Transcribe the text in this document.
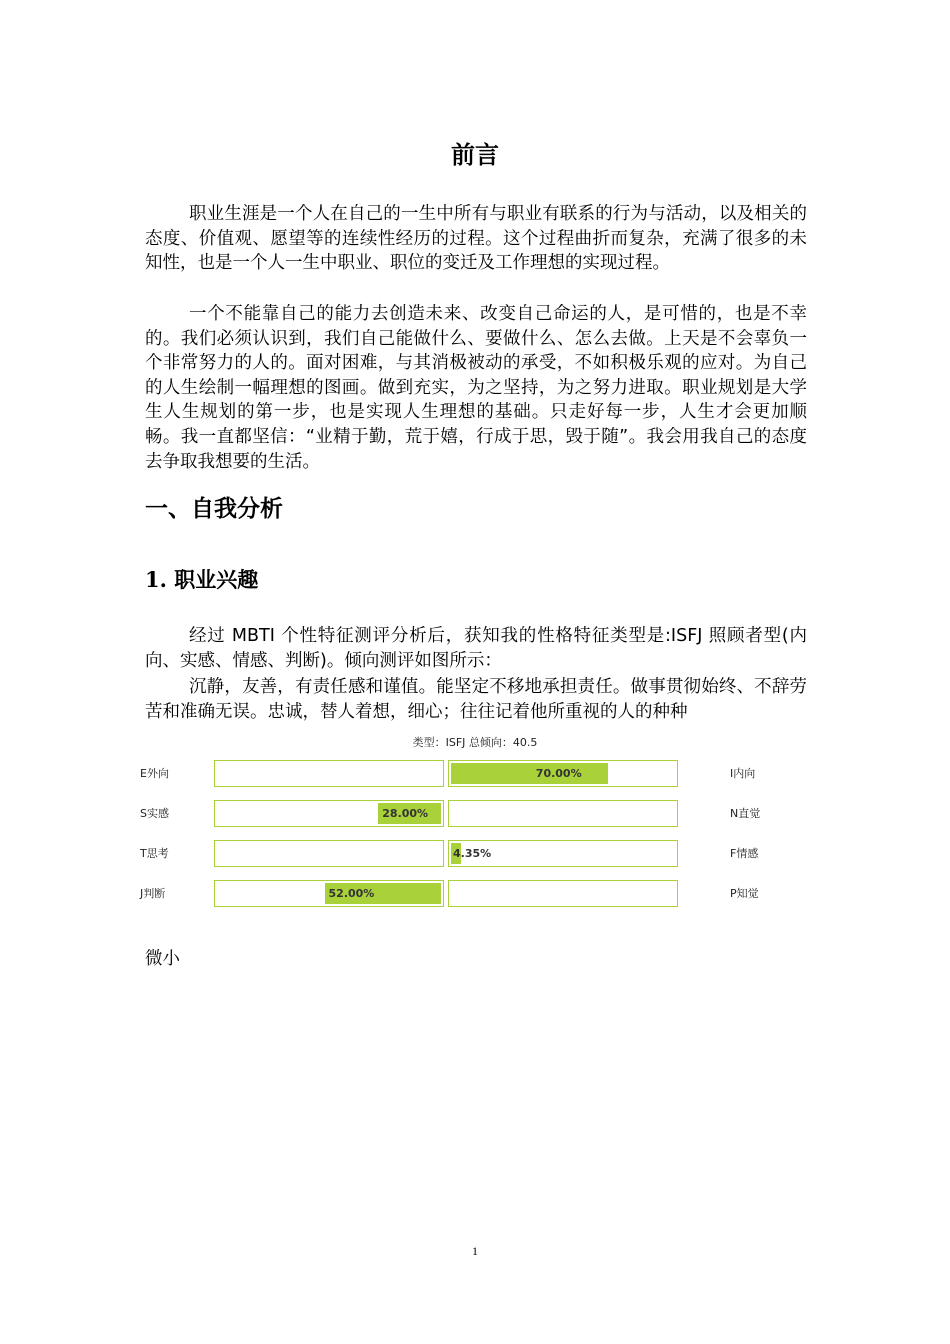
前言

职业生涯是一个人在自己的一生中所有与职业有联系的行为与活动，以及相关的态度、价值观、愿望等的连续性经历的过程。这个过程曲折而复杂，充满了很多的未知性，也是一个人一生中职业、职位的变迁及工作理想的实现过程。

一个不能靠自己的能力去创造未来、改变自己命运的人，是可惜的，也是不幸的。我们必须认识到，我们自己能做什么、要做什么、怎么去做。上天是不会辜负一个非常努力的人的。面对困难，与其消极被动的承受，不如积极乐观的应对。为自己的人生绘制一幅理想的图画。做到充实，为之坚持，为之努力进取。职业规划是大学生人生规划的第一步，也是实现人生理想的基础。只走好每一步，人生才会更加顺畅。我一直都坚信：“业精于勤，荒于嬉，行成于思，毁于随”。我会用我自己的态度去争取我想要的生活。

一、自我分析
1. 职业兴趣

经过 MBTI 个性特征测评分析后，获知我的性格特征类型是:ISFJ 照顾者型(内向、实感、情感、判断)。倾向测评如图所示：

沉静，友善，有责任感和谨值。能坚定不移地承担责任。做事贯彻始终、不辞劳苦和准确无误。忠诚，替人着想，细心；往往记着他所重视的人的种种

类型：ISFJ 总倾向：40.5
E外向	I内向
70.00%
S实感	N直觉
28.00%
T思考	F情感
4.35%
J判断	P知觉
52.00%
微小
1
